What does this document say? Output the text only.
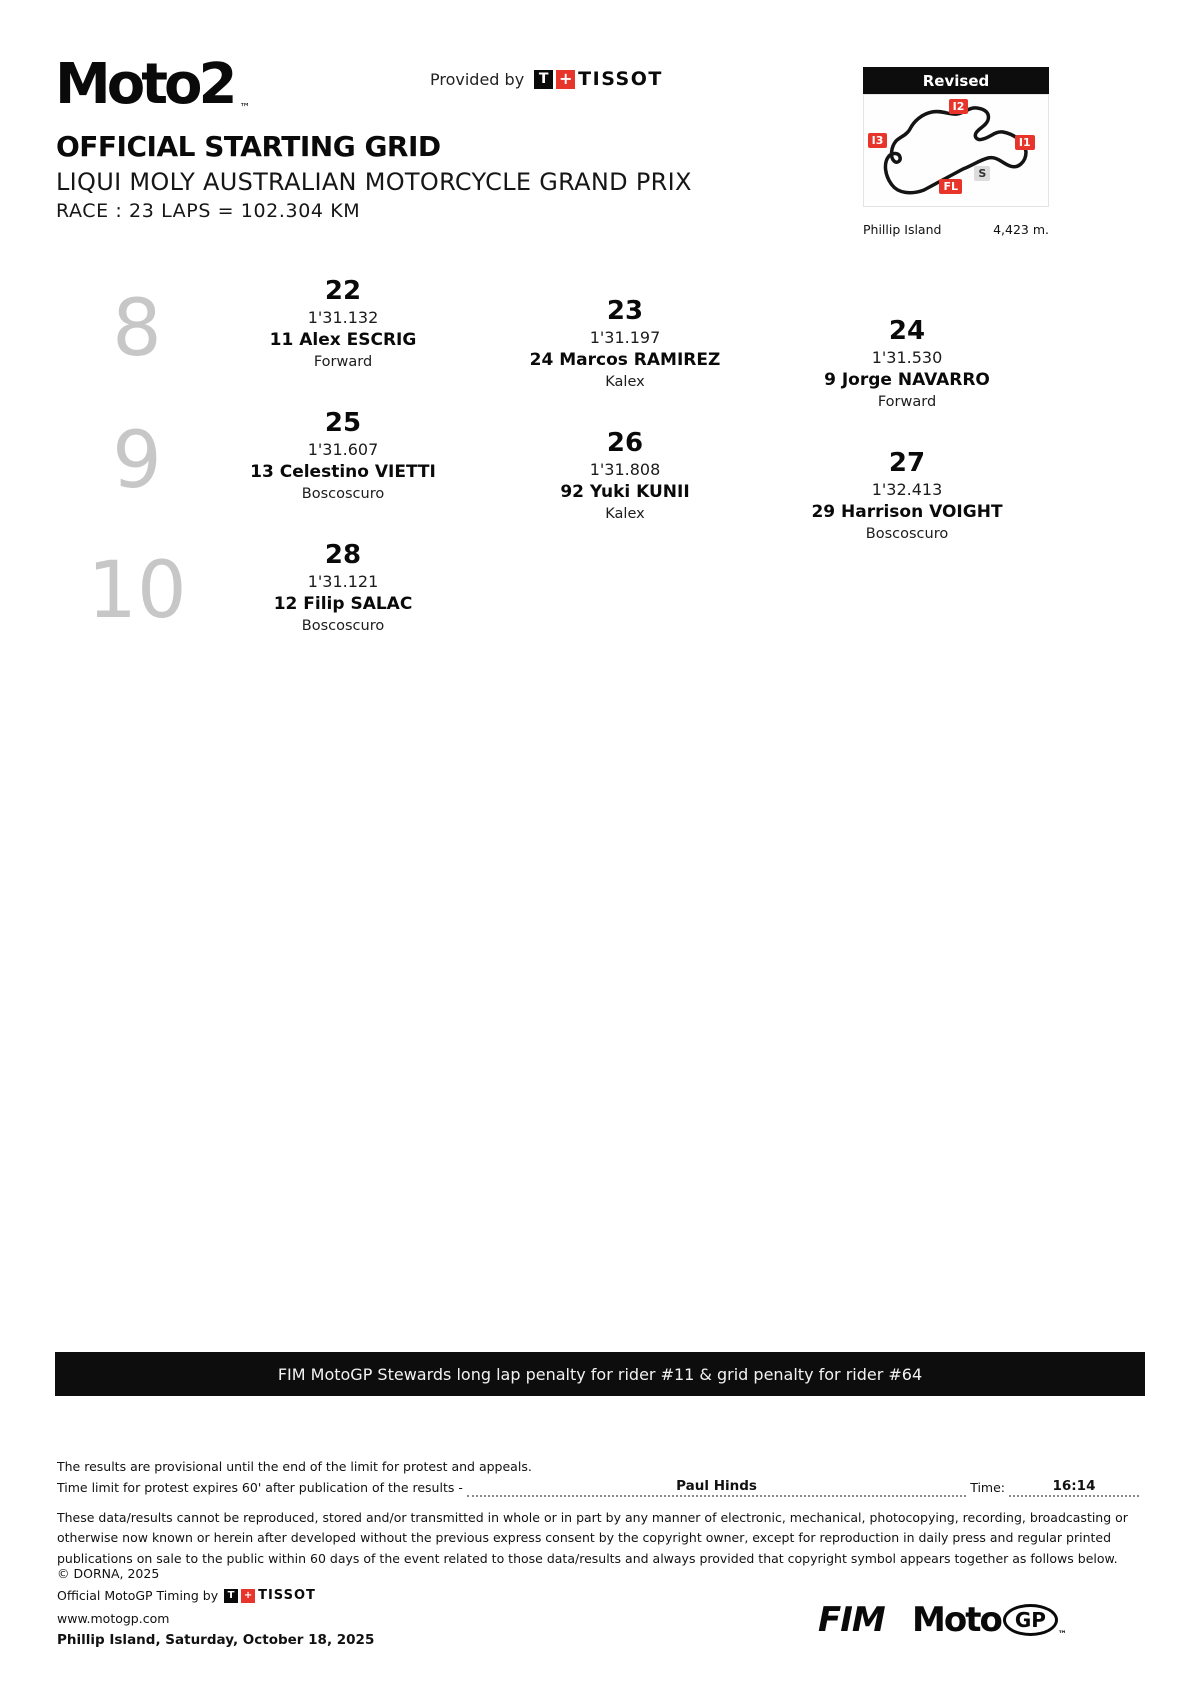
Moto2 ™
Provided by	T + TISSOT	Revised
I2
I3	I1
FL
S
Phillip Island	4,423 m.
OFFICIAL STARTING GRID
LIQUI MOLY AUSTRALIAN MOTORCYCLE GRAND PRIX
RACE : 23 LAPS = 102.304 KM
8
9
10
22
1'31.132
11 Alex ESCRIG
Forward
23
1'31.197
24 Marcos RAMIREZ
Kalex
24
1'31.530
9 Jorge NAVARRO
Forward
25
1'31.607
13 Celestino VIETTI
Boscoscuro
26
1'31.808
92 Yuki KUNII
Kalex
27
1'32.413
29 Harrison VOIGHT
Boscoscuro
28
1'31.121
12 Filip SALAC
Boscoscuro
FIM MotoGP Stewards long lap penalty for rider #11 & grid penalty for rider #64
The results are provisional until the end of the limit for protest and appeals.
Time limit for protest expires 60' after publication of the results -	Paul Hinds	Time:	16:14
These data/results cannot be reproduced, stored and/or transmitted in whole or in part by any manner of electronic, mechanical, photocopying, recording, broadcasting or otherwise now known or herein after developed without the previous express consent by the copyright owner, except for reproduction in daily press and regular printed publications on sale to the public within 60 days of the event related to those data/results and always provided that copyright symbol appears together as follows below.
© DORNA, 2025
Official MotoGP Timing by T + TISSOT
www.motogp.com
Phillip Island, Saturday, October 18, 2025	FIM Moto GP
™
